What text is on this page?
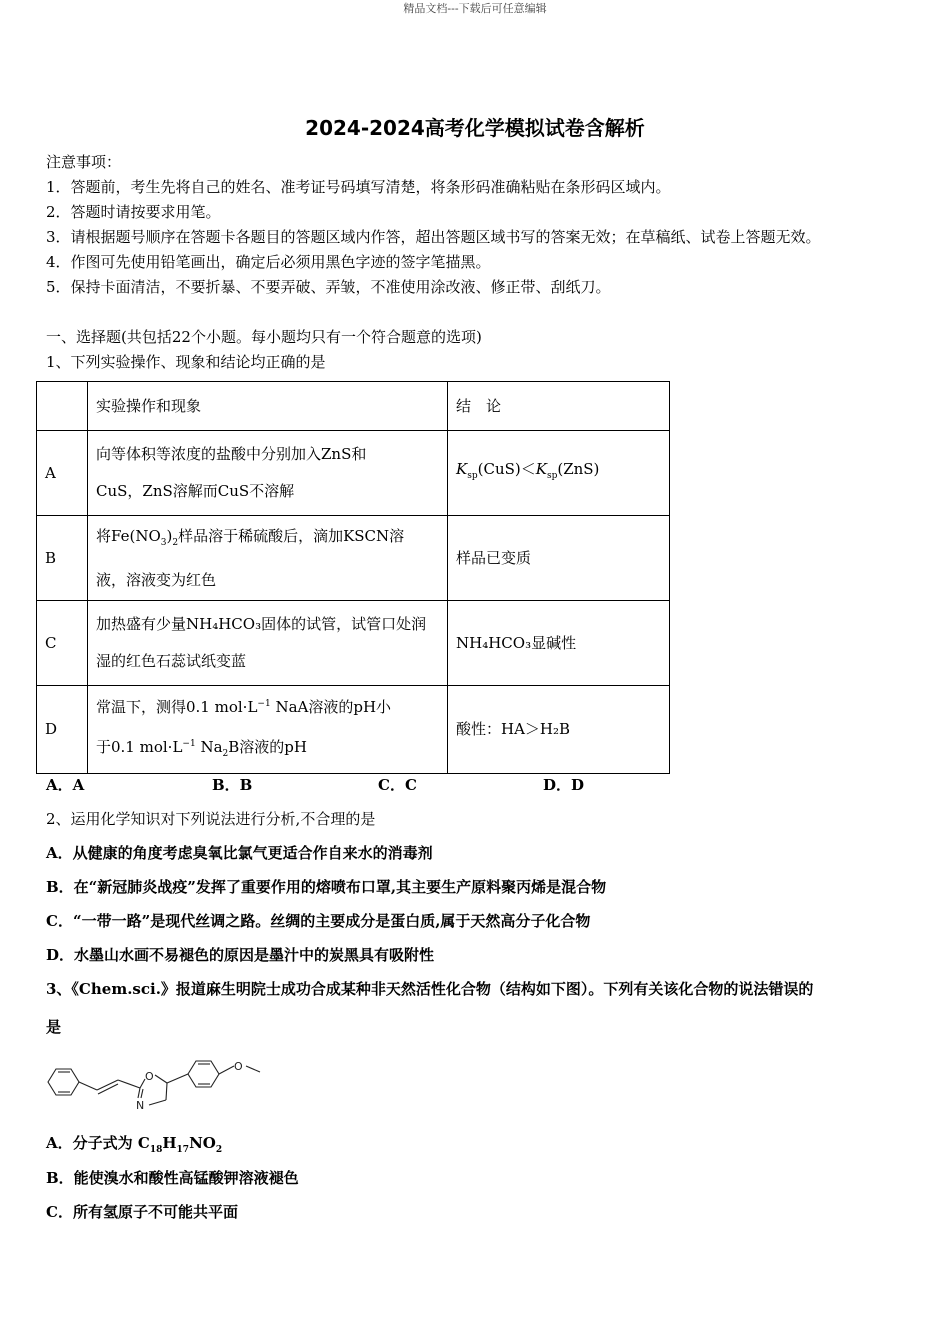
精品文档---下载后可任意编辑
2024-2024高考化学模拟试卷含解析
注意事项：
1．答题前，考生先将自己的姓名、准考证号码填写清楚，将条形码准确粘贴在条形码区域内。
2．答题时请按要求用笔。
3．请根据题号顺序在答题卡各题目的答题区域内作答，超出答题区域书写的答案无效；在草稿纸、试卷上答题无效。
4．作图可先使用铅笔画出，确定后必须用黑色字迹的签字笔描黑。
5．保持卡面清洁，不要折暴、不要弄破、弄皱，不准使用涂改液、修正带、刮纸刀。
一、选择题(共包括22个小题。每小题均只有一个符合题意的选项)
1、下列实验操作、现象和结论均正确的是
	实验操作和现象	结　论
A	向等体积等浓度的盐酸中分别加入ZnS和
CuS，ZnS溶解而CuS不溶解	$K_{sp}(CuS)<K_{sp}(ZnS)$
B	将$Fe(NO_3)_2$样品溶于稀硫酸后，滴加KSCN溶
液，溶液变为红色	样品已变质
C	加热盛有少量NH₄HCO₃固体的试管，试管口处润
湿的红色石蕊试纸变蓝	NH₄HCO₃显碱性
D	常温下，测得0.1 $mol\cdot L^{-1}$ NaA溶液的pH小
于0.1 $mol\cdot L^{-1}$ $Na_2B$溶液的pH	酸性：HA＞H₂B
A．A	B．B	C．C	D．D
2、运用化学知识对下列说法进行分析,不合理的是
A．从健康的角度考虑臭氧比氯气更适合作自来水的消毒剂
B．在“新冠肺炎战疫”发挥了重要作用的熔喷布口罩,其主要生产原料聚丙烯是混合物
C．“一带一路”是现代丝调之路。丝绸的主要成分是蛋白质,属于天然高分子化合物
D．水墨山水画不易褪色的原因是墨汁中的炭黑具有吸附性
3、《Chem.sci.》报道麻生明院士成功合成某种非天然活性化合物（结构如下图）。下列有关该化合物的说法错误的
是
O
N
O
A．分子式为 $C_{18}H_{17}NO_2$
B．能使溴水和酸性高锰酸钾溶液褪色
C．所有氢原子不可能共平面
